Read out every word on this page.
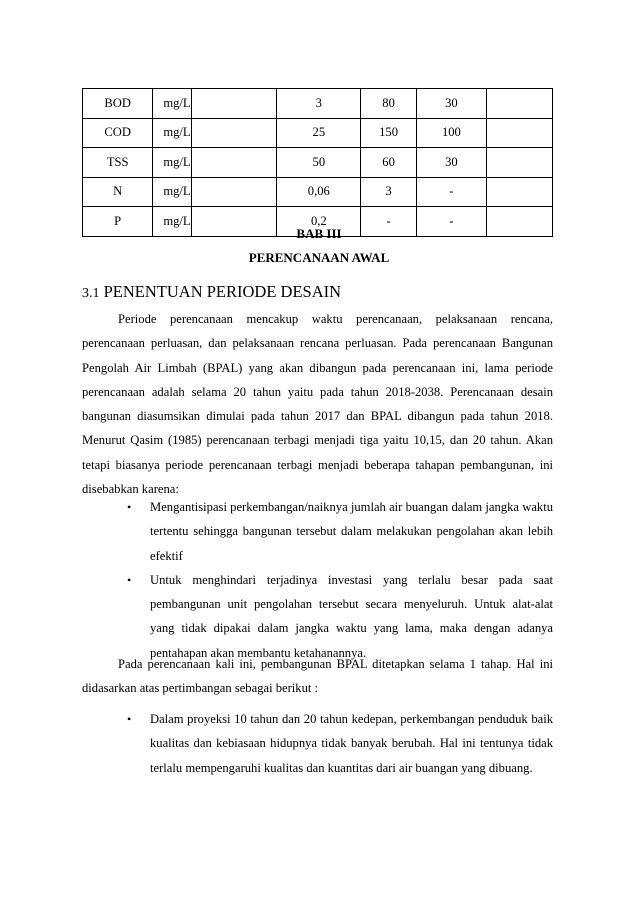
BOD	mg/L		3	80	30	
COD	mg/L		25	150	100	
TSS	mg/L		50	60	30	
N	mg/L		0,06	3	-	
P	mg/L		0,2	-	-	
BAB III
PERENCANAAN AWAL
3.1 PENENTUAN PERIODE DESAIN

Periode perencanaan mencakup waktu perencanaan, pelaksanaan rencana, perencanaan perluasan, dan pelaksanaan rencana perluasan. Pada perencanaan Bangunan Pengolah Air Limbah (BPAL) yang akan dibangun pada perencanaan ini, lama periode perencanaan adalah selama 20 tahun yaitu pada tahun 2018-2038. Perencanaan desain bangunan diasumsikan dimulai pada tahun 2017 dan BPAL dibangun pada tahun 2018. Menurut Qasim (1985) perencanaan terbagi menjadi tiga yaitu 10,15, dan 20 tahun. Akan tetapi biasanya periode perencanaan terbagi menjadi beberapa tahapan pembangunan, ini disebabkan karena:

• Mengantisipasi perkembangan/naiknya jumlah air buangan dalam jangka waktu tertentu sehingga bangunan tersebut dalam melakukan pengolahan akan lebih efektif
• Untuk menghindari terjadinya investasi yang terlalu besar pada saat pembangunan unit pengolahan tersebut secara menyeluruh. Untuk alat-alat yang tidak dipakai dalam jangka waktu yang lama, maka dengan adanya pentahapan akan membantu ketahanannya.

Pada perencanaan kali ini, pembangunan BPAL ditetapkan selama 1 tahap. Hal ini didasarkan atas pertimbangan sebagai berikut :

• Dalam proyeksi 10 tahun dan 20 tahun kedepan, perkembangan penduduk baik kualitas dan kebiasaan hidupnya tidak banyak berubah. Hal ini tentunya tidak terlalu mempengaruhi kualitas dan kuantitas dari air buangan yang dibuang.
